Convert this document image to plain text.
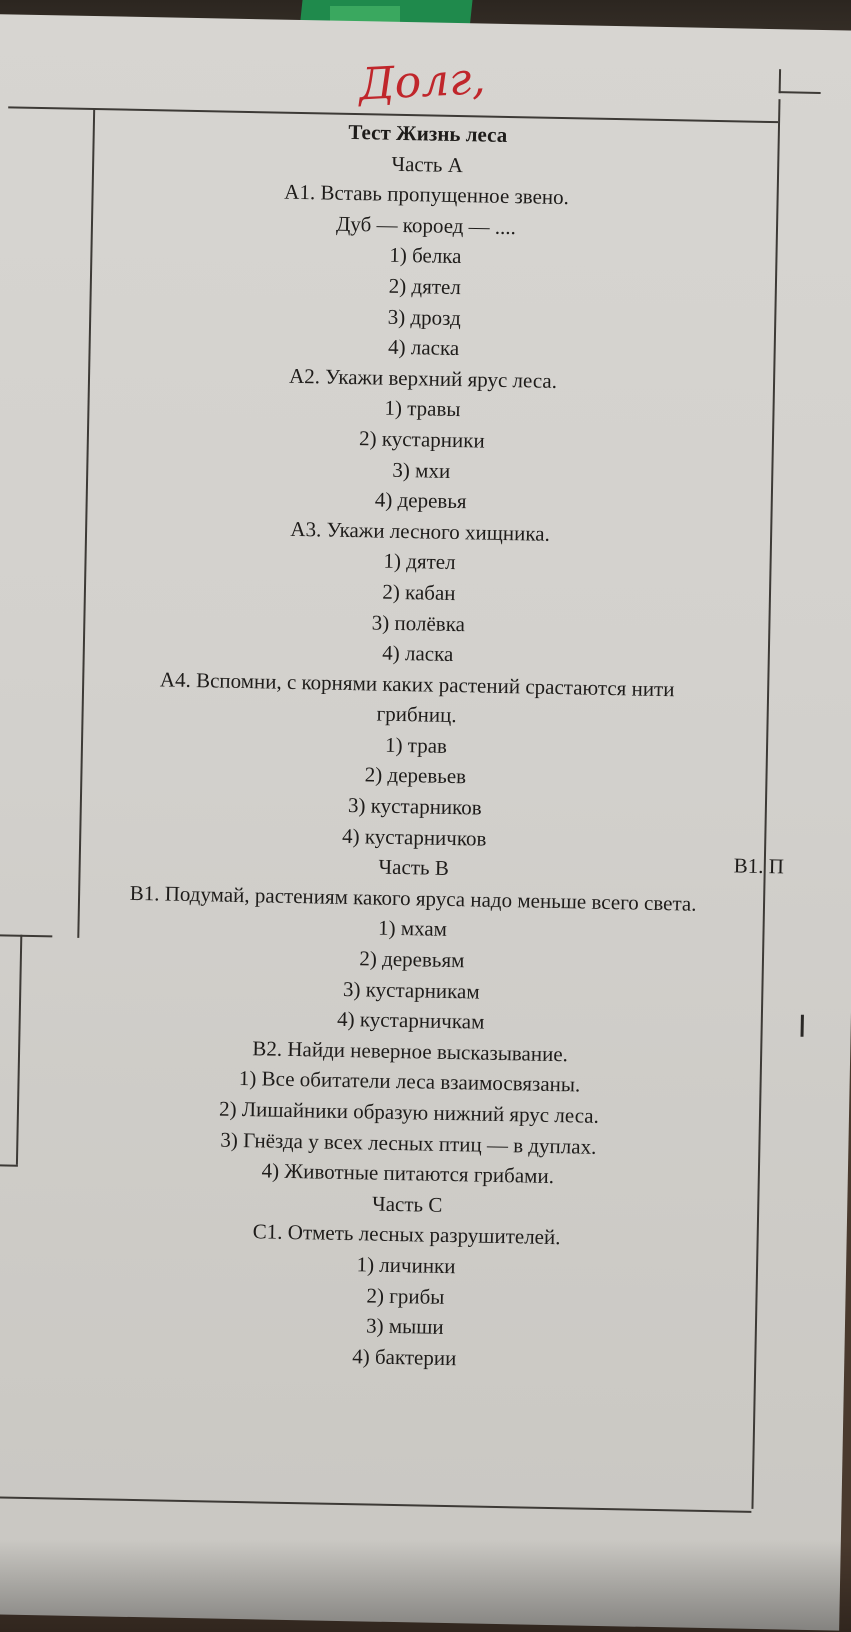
Долг,
Тест Жизнь леса
Часть А
А1. Вставь пропущенное звено.
Дуб — короед — ....
1) белка
2) дятел
3) дрозд
4) ласка
А2. Укажи верхний ярус леса.
1) травы
2) кустарники
3) мхи
4) деревья
А3. Укажи лесного хищника.
1) дятел
2) кабан
3) полёвка
4) ласка
А4. Вспомни, с корнями каких растений срастаются нити грибниц.
1) трав
2) деревьев
3) кустарников
4) кустарничков
Часть В
В1. Подумай, растениям какого яруса надо меньше всего света.
1) мхам
2) деревьям
3) кустарникам
4) кустарничкам
В2. Найди неверное высказывание.
1) Все обитатели леса взаимосвязаны.
2) Лишайники образую нижний ярус леса.
3) Гнёзда у всех лесных птиц — в дуплах.
4) Животные питаются грибами.
Часть С
С1. Отметь лесных разрушителей.
1) личинки
2) грибы
3) мыши
4) бактерии
В1. П
